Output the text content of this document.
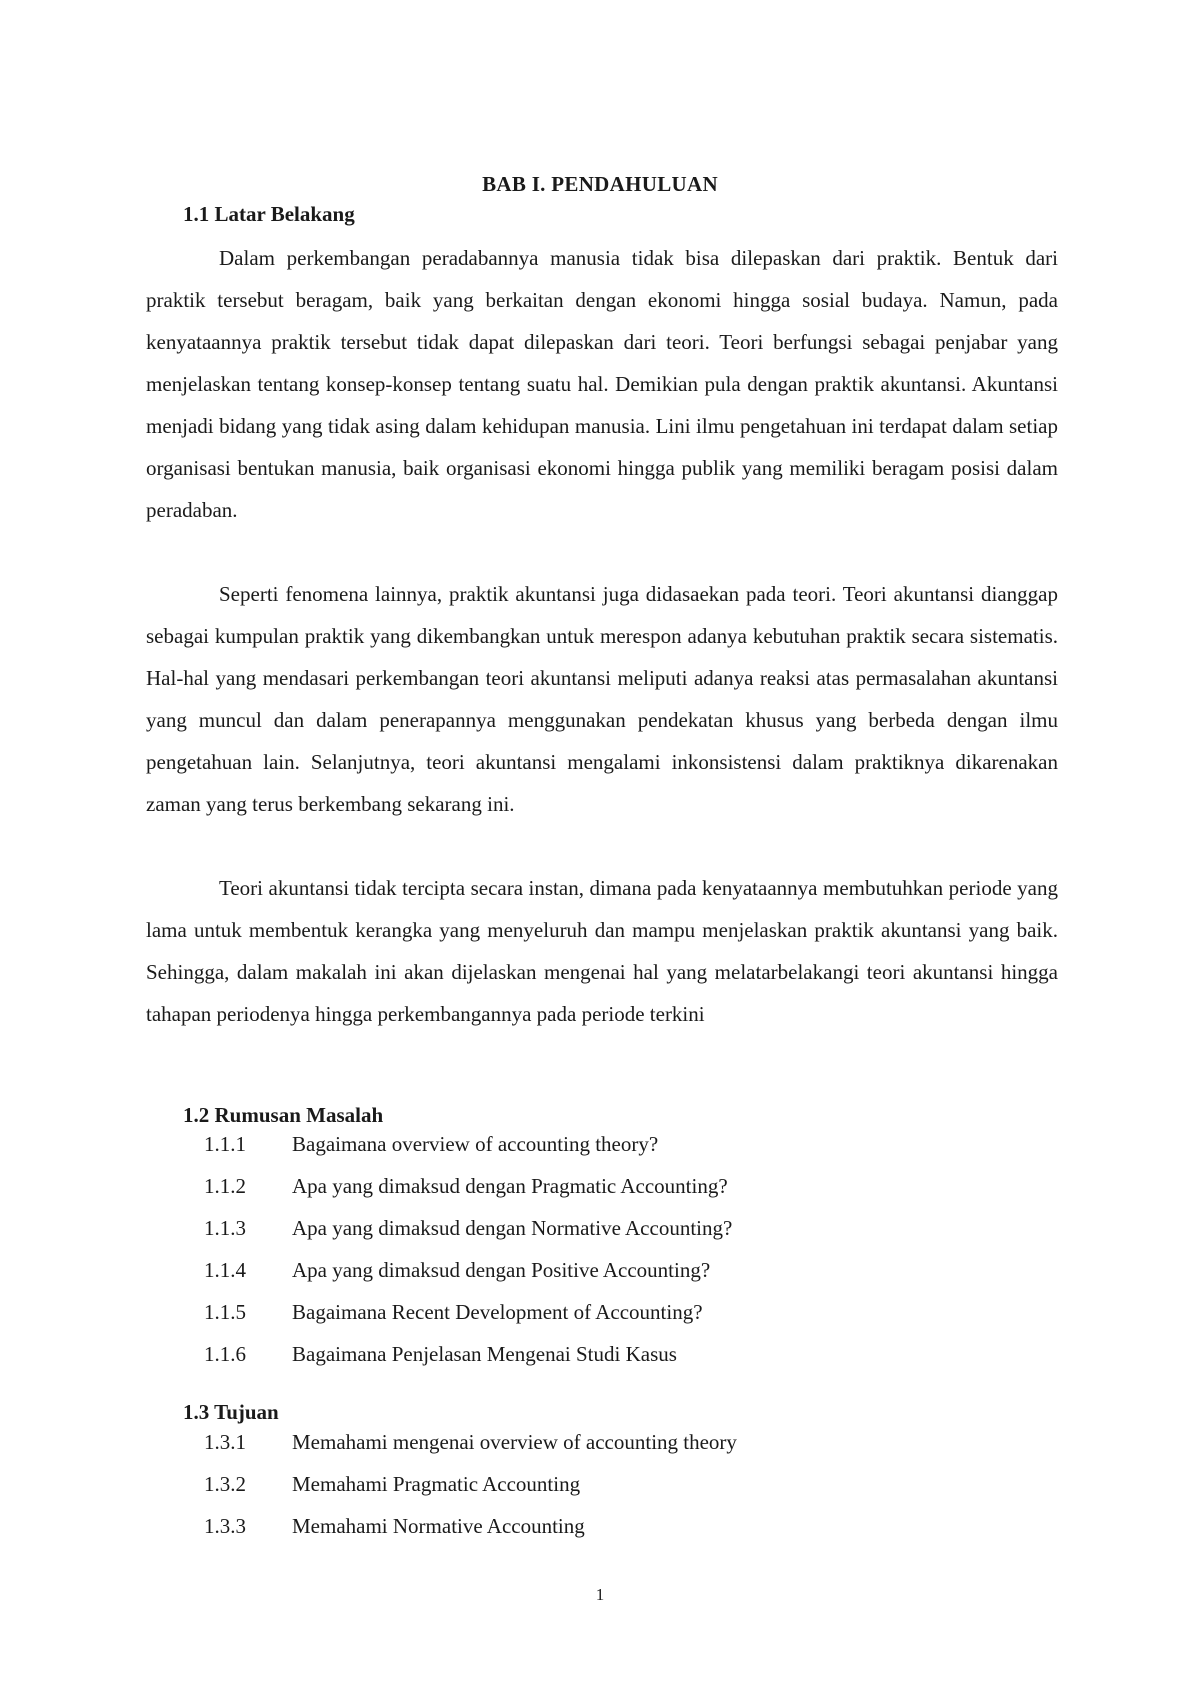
BAB I. PENDAHULUAN
1.1 Latar Belakang

Dalam perkembangan peradabannya manusia tidak bisa dilepaskan dari praktik. Bentuk dari praktik tersebut beragam, baik yang berkaitan dengan ekonomi hingga sosial budaya. Namun, pada kenyataannya praktik tersebut tidak dapat dilepaskan dari teori. Teori berfungsi sebagai penjabar yang menjelaskan tentang konsep-konsep tentang suatu hal. Demikian pula dengan praktik akuntansi. Akuntansi menjadi bidang yang tidak asing dalam kehidupan manusia. Lini ilmu pengetahuan ini terdapat dalam setiap organisasi bentukan manusia, baik organisasi ekonomi hingga publik yang memiliki beragam posisi dalam peradaban.

Seperti fenomena lainnya, praktik akuntansi juga didasaekan pada teori. Teori akuntansi dianggap sebagai kumpulan praktik yang dikembangkan untuk merespon adanya kebutuhan praktik secara sistematis. Hal-hal yang mendasari perkembangan teori akuntansi meliputi adanya reaksi atas permasalahan akuntansi yang muncul dan dalam penerapannya menggunakan pendekatan khusus yang berbeda dengan ilmu pengetahuan lain. Selanjutnya, teori akuntansi mengalami inkonsistensi dalam praktiknya dikarenakan zaman yang terus berkembang sekarang ini.

Teori akuntansi tidak tercipta secara instan, dimana pada kenyataannya membutuhkan periode yang lama untuk membentuk kerangka yang menyeluruh dan mampu menjelaskan praktik akuntansi yang baik. Sehingga, dalam makalah ini akan dijelaskan mengenai hal yang melatarbelakangi teori akuntansi hingga tahapan periodenya hingga perkembangannya pada periode terkini

1.2 Rumusan Masalah
1.1.1 Bagaimana overview of accounting theory?
1.1.2 Apa yang dimaksud dengan Pragmatic Accounting?
1.1.3 Apa yang dimaksud dengan Normative Accounting?
1.1.4 Apa yang dimaksud dengan Positive Accounting?
1.1.5 Bagaimana Recent Development of Accounting?
1.1.6 Bagaimana Penjelasan Mengenai Studi Kasus
1.3 Tujuan
1.3.1 Memahami mengenai overview of accounting theory
1.3.2 Memahami Pragmatic Accounting
1.3.3 Memahami Normative Accounting
1
